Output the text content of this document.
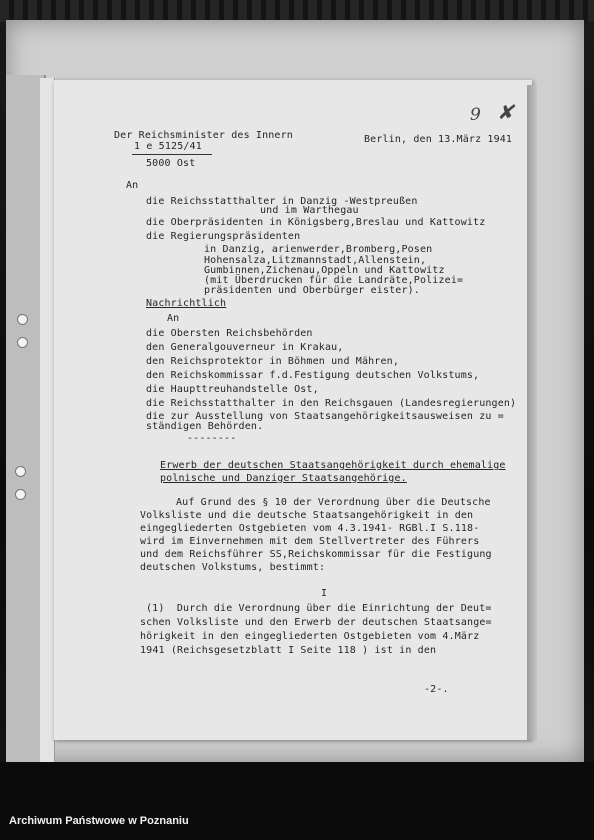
Der Reichsminister des Innern
1 e 5125/41
5000 Ost
Berlin, den 13.März 1941
9 ✘
An
die Reichsstatthalter in Danzig -Westpreußen
und im Warthegau
die Oberpräsidenten in Königsberg,Breslau und Kattowitz
die Regierungspräsidenten
in Danzig, arienwerder,Bromberg,Posen
Hohensalza,Litzmannstadt,Allenstein,
Gumbinnen,Zichenau,Oppeln und Kattowitz
(mit Überdrucken für die Landräte,Polizei=
präsidenten und Oberbürger eister).
Nachrichtlich
An
die Obersten Reichsbehörden
den Generalgouverneur in Krakau,
den Reichsprotektor in Böhmen und Mähren,
den Reichskommissar f.d.Festigung deutschen Volkstums,
die Haupttreuhandstelle Ost,
die Reichsstatthalter in den Reichsgauen (Landesregierungen)
die zur Ausstellung von Staatsangehörigkeitsausweisen zu =
ständigen Behörden.
--------
Erwerb der deutschen Staatsangehörigkeit durch ehemalige
polnische und Danziger Staatsangehörige.
Auf Grund des § 10 der Verordnung über die Deutsche
Volksliste und die deutsche Staatsangehörigkeit in den
eingegliederten Ostgebieten vom 4.3.1941- RGBl.I S.118-
wird im Einvernehmen mit dem Stellvertreter des Führers
und dem Reichsführer SS,Reichskommissar für die Festigung
deutschen Volkstums, bestimmt:
I
(1)  Durch die Verordnung über die Einrichtung der Deut=
schen Volksliste und den Erwerb der deutschen Staatsange=
hörigkeit in den eingegliederten Ostgebieten vom 4.März
1941 (Reichsgesetzblatt I Seite 118 ) ist in den
-2-.
Archiwum Państwowe w Poznaniu
